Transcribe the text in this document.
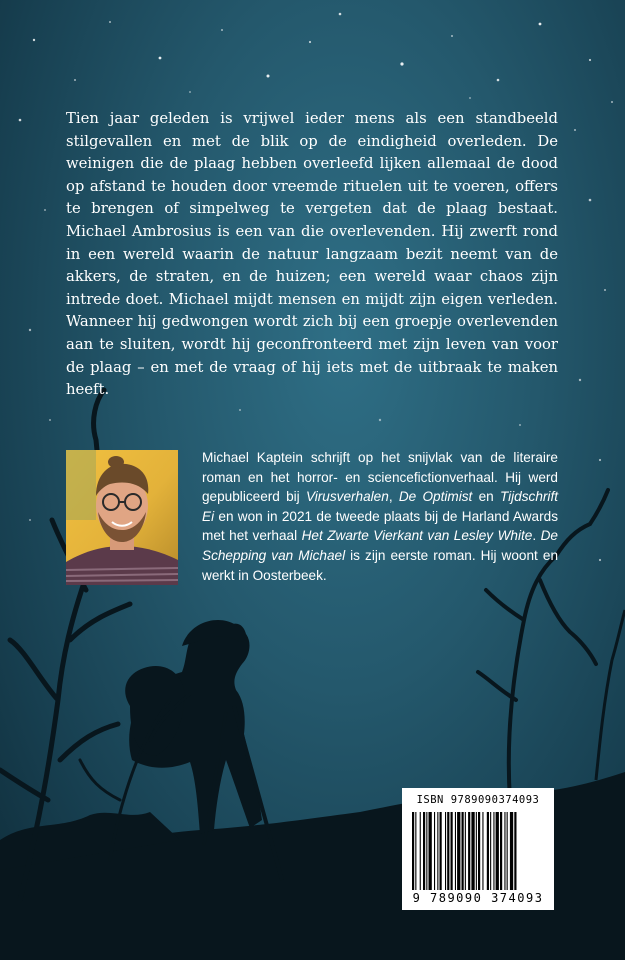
Tien jaar geleden is vrijwel ieder mens als een standbeeld stilgevallen en met de blik op de eindigheid overleden. De weinigen die de plaag hebben overleefd lijken allemaal de dood op afstand te houden door vreemde rituelen uit te voeren, offers te brengen of simpelweg te vergeten dat de plaag bestaat. Michael Ambrosius is een van die overlevenden. Hij zwerft rond in een wereld waarin de natuur langzaam bezit neemt van de akkers, de straten, en de huizen; een wereld waar chaos zijn intrede doet. Michael mijdt mensen en mijdt zijn eigen verleden. Wanneer hij gedwongen wordt zich bij een groepje overlevenden aan te sluiten, wordt hij geconfronteerd met zijn leven van voor de plaag – en met de vraag of hij iets met de uitbraak te maken heeft.

Michael Kaptein schrijft op het snijvlak van de literaire roman en het horror- en sciencefictionverhaal. Hij werd gepubliceerd bij Virusverhalen, De Optimist en Tijdschrift Ei en won in 2021 de tweede plaats bij de Harland Awards met het verhaal Het Zwarte Vierkant van Lesley White. De Schepping van Michael is zijn eerste roman. Hij woont en werkt in Oosterbeek.

ISBN 9789090374093
9 789090 374093
